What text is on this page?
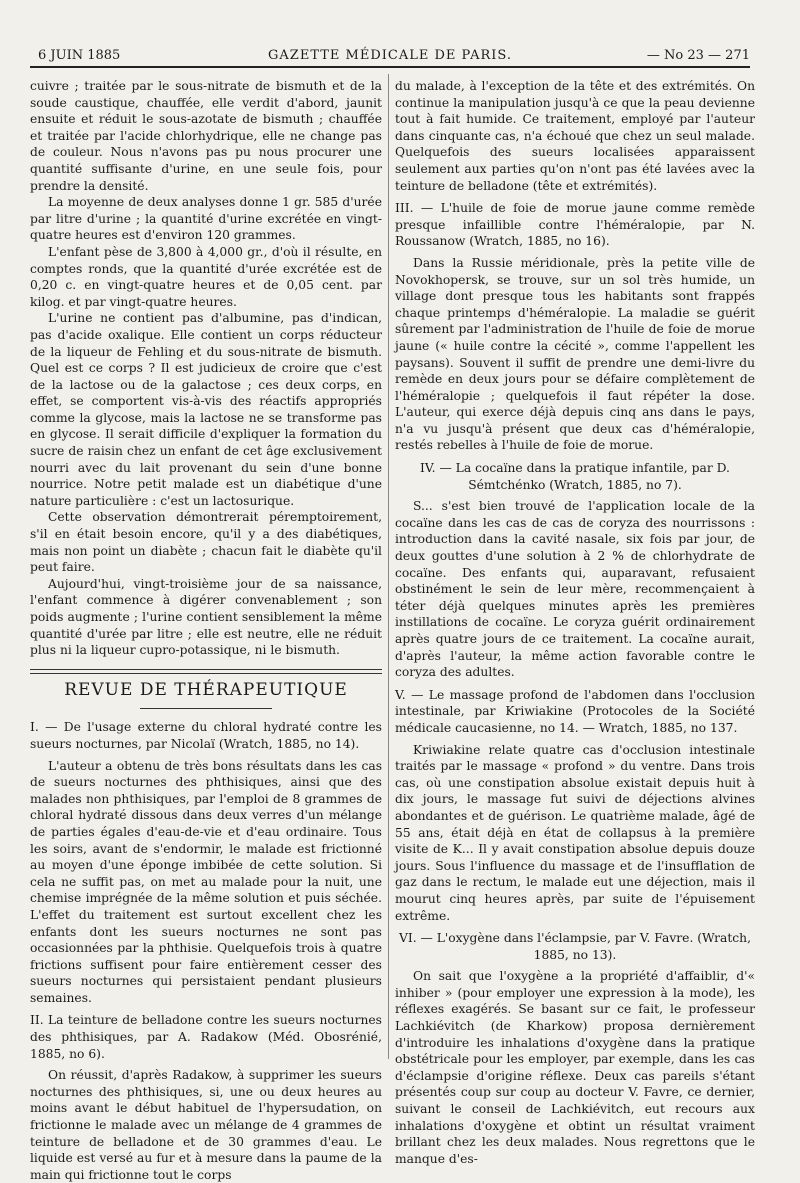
6 JUIN 1885	GAZETTE MÉDICALE DE PARIS.	— No 23 — 271

cuivre ; traitée par le sous-nitrate de bismuth et de la soude caustique, chauffée, elle verdit d'abord, jaunit ensuite et réduit le sous-azotate de bismuth ; chauffée et traitée par l'acide chlorhydrique, elle ne change pas de couleur. Nous n'avons pas pu nous procurer une quantité suffisante d'urine, en une seule fois, pour prendre la densité.

La moyenne de deux analyses donne 1 gr. 585 d'urée par litre d'urine ; la quantité d'urine excrétée en vingt-quatre heures est d'environ 120 grammes.

L'enfant pèse de 3,800 à 4,000 gr., d'où il résulte, en comptes ronds, que la quantité d'urée excrétée est de 0,20 c. en vingt-quatre heures et de 0,05 cent. par kilog. et par vingt-quatre heures.

L'urine ne contient pas d'albumine, pas d'indican, pas d'acide oxalique. Elle contient un corps réducteur de la liqueur de Fehling et du sous-nitrate de bismuth. Quel est ce corps ? Il est judicieux de croire que c'est de la lactose ou de la galactose ; ces deux corps, en effet, se comportent vis-à-vis des réactifs appropriés comme la glycose, mais la lactose ne se transforme pas en glycose. Il serait difficile d'expliquer la formation du sucre de raisin chez un enfant de cet âge exclusivement nourri avec du lait provenant du sein d'une bonne nourrice. Notre petit malade est un diabétique d'une nature particulière : c'est un lactosurique.

Cette observation démontrerait péremptoirement, s'il en était besoin encore, qu'il y a des diabétiques, mais non point un diabète ; chacun fait le diabète qu'il peut faire.

Aujourd'hui, vingt-troisième jour de sa naissance, l'enfant commence à digérer convenablement ; son poids augmente ; l'urine contient sensiblement la même quantité d'urée par litre ; elle est neutre, elle ne réduit plus ni la liqueur cupro-potassique, ni le bismuth.

REVUE DE THÉRAPEUTIQUE

I. — De l'usage externe du chloral hydraté contre les sueurs nocturnes, par Nicolaï (Wratch, 1885, no 14).

L'auteur a obtenu de très bons résultats dans les cas de sueurs nocturnes des phthisiques, ainsi que des malades non phthisiques, par l'emploi de 8 grammes de chloral hydraté dissous dans deux verres d'un mélange de parties égales d'eau-de-vie et d'eau ordinaire. Tous les soirs, avant de s'endormir, le malade est frictionné au moyen d'une éponge imbibée de cette solution. Si cela ne suffit pas, on met au malade pour la nuit, une chemise imprégnée de la même solution et puis séchée. L'effet du traitement est surtout excellent chez les enfants dont les sueurs nocturnes ne sont pas occasionnées par la phthisie. Quelquefois trois à quatre frictions suffisent pour faire entièrement cesser des sueurs nocturnes qui persistaient pendant plusieurs semaines.

II. La teinture de belladone contre les sueurs nocturnes des phthisiques, par A. Radakow (Méd. Obosrénié, 1885, no 6).

On réussit, d'après Radakow, à supprimer les sueurs nocturnes des phthisiques, si, une ou deux heures au moins avant le début habituel de l'hypersudation, on frictionne le malade avec un mélange de 4 grammes de teinture de belladone et de 30 grammes d'eau. Le liquide est versé au fur et à mesure dans la paume de la main qui frictionne tout le corps

du malade, à l'exception de la tête et des extrémités. On continue la manipulation jusqu'à ce que la peau devienne tout à fait humide. Ce traitement, employé par l'auteur dans cinquante cas, n'a échoué que chez un seul malade. Quelquefois des sueurs localisées apparaissent seulement aux parties qu'on n'ont pas été lavées avec la teinture de belladone (tête et extrémités).

III. — L'huile de foie de morue jaune comme remède presque infaillible contre l'héméralopie, par N. Roussanow (Wratch, 1885, no 16).

Dans la Russie méridionale, près la petite ville de Novokhopersk, se trouve, sur un sol très humide, un village dont presque tous les habitants sont frappés chaque printemps d'héméralopie. La maladie se guérit sûrement par l'administration de l'huile de foie de morue jaune (« huile contre la cécité », comme l'appellent les paysans). Souvent il suffit de prendre une demi-livre du remède en deux jours pour se défaire complètement de l'héméralopie ; quelquefois il faut répéter la dose. L'auteur, qui exerce déjà depuis cinq ans dans le pays, n'a vu jusqu'à présent que deux cas d'héméralopie, restés rebelles à l'huile de foie de morue.

IV. — La cocaïne dans la pratique infantile, par D. Sémtchénko (Wratch, 1885, no 7).

S... s'est bien trouvé de l'application locale de la cocaïne dans les cas de cas de coryza des nourrissons : introduction dans la cavité nasale, six fois par jour, de deux gouttes d'une solution à 2 % de chlorhydrate de cocaïne. Des enfants qui, auparavant, refusaient obstinément le sein de leur mère, recommençaient à téter déjà quelques minutes après les premières instillations de cocaïne. Le coryza guérit ordinairement après quatre jours de ce traitement. La cocaïne aurait, d'après l'auteur, la même action favorable contre le coryza des adultes.

V. — Le massage profond de l'abdomen dans l'occlusion intestinale, par Kriwiakine (Protocoles de la Société médicale caucasienne, no 14. — Wratch, 1885, no 137.

Kriwiakine relate quatre cas d'occlusion intestinale traités par le massage « profond » du ventre. Dans trois cas, où une constipation absolue existait depuis huit à dix jours, le massage fut suivi de déjections alvines abondantes et de guérison. Le quatrième malade, âgé de 55 ans, était déjà en état de collapsus à la première visite de K... Il y avait constipation absolue depuis douze jours. Sous l'influence du massage et de l'insufflation de gaz dans le rectum, le malade eut une déjection, mais il mourut cinq heures après, par suite de l'épuisement extrême.

VI. — L'oxygène dans l'éclampsie, par V. Favre. (Wratch, 1885, no 13).

On sait que l'oxygène a la propriété d'affaiblir, d'« inhiber » (pour employer une expression à la mode), les réflexes exagérés. Se basant sur ce fait, le professeur Lachkiévitch (de Kharkow) proposa dernièrement d'introduire les inhalations d'oxygène dans la pratique obstétricale pour les employer, par exemple, dans les cas d'éclampsie d'origine réflexe. Deux cas pareils s'étant présentés coup sur coup au docteur V. Favre, ce dernier, suivant le conseil de Lachkiévitch, eut recours aux inhalations d'oxygène et obtint un résultat vraiment brillant chez les deux malades. Nous regrettons que le manque d'es-
